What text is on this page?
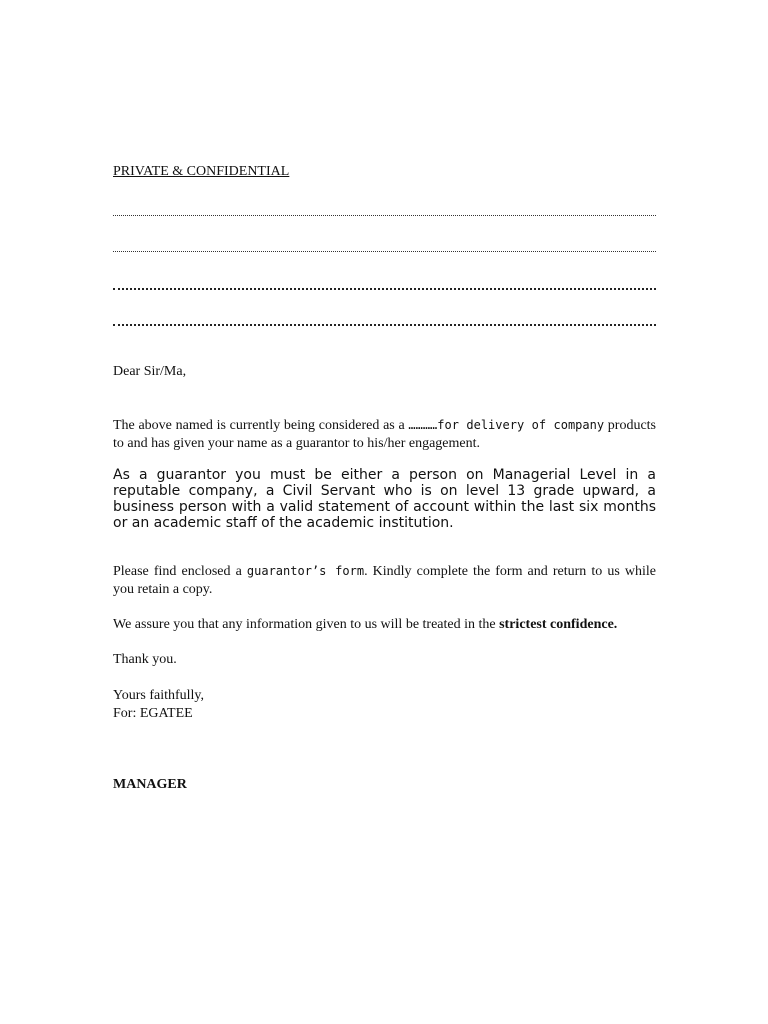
PRIVATE & CONFIDENTIAL

Dear Sir/Ma,

The above named is currently being considered as a …………for delivery of company products to and has given your name as a guarantor to his/her engagement.

As a guarantor you must be either a person on Managerial Level in a reputable company, a Civil Servant who is on level 13 grade upward, a business person with a valid statement of account within the last six months or an academic staff of the academic institution.

Please find enclosed a guarantor’s form. Kindly complete the form and return to us while you retain a copy.

We assure you that any information given to us will be treated in the strictest confidence.

Thank you.

Yours faithfully,

For: EGATEE

MANAGER
